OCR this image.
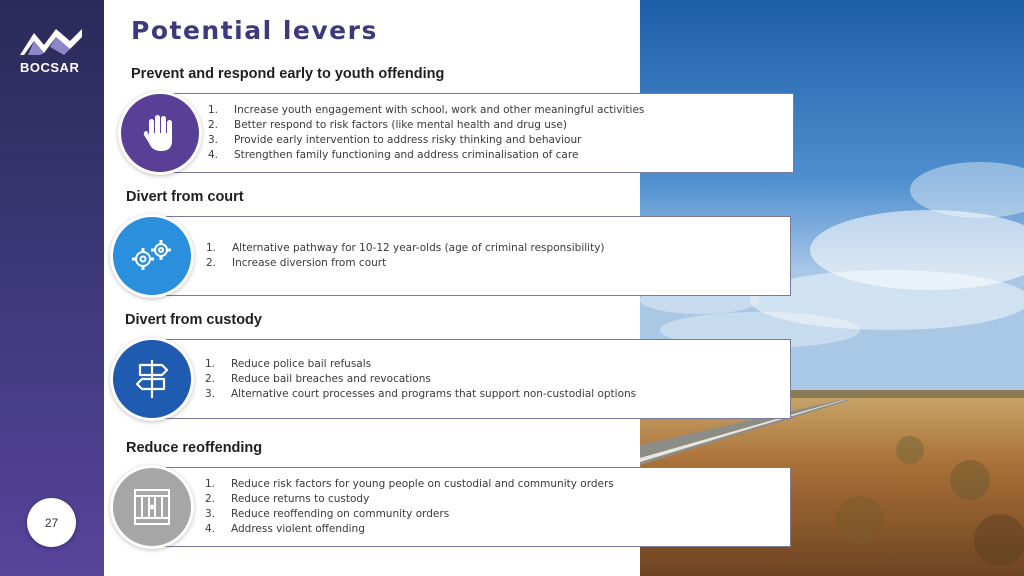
BOCSAR
27
Potential levers
Prevent and respond early to youth offending
1. Increase youth engagement with school, work and other meaningful activities
2. Better respond to risk factors (like mental health and drug use)
3. Provide early intervention to address risky thinking and behaviour
4. Strengthen family functioning and address criminalisation of care
Divert from court
1. Alternative pathway for 10-12 year-olds (age of criminal responsibility)
2. Increase diversion from court
Divert from custody
1. Reduce police bail refusals
2. Reduce bail breaches and revocations
3. Alternative court processes and programs that support non-custodial options
Reduce reoffending
1. Reduce risk factors for young people on custodial and community orders
2. Reduce returns to custody
3. Reduce reoffending on community orders
4. Address violent offending
